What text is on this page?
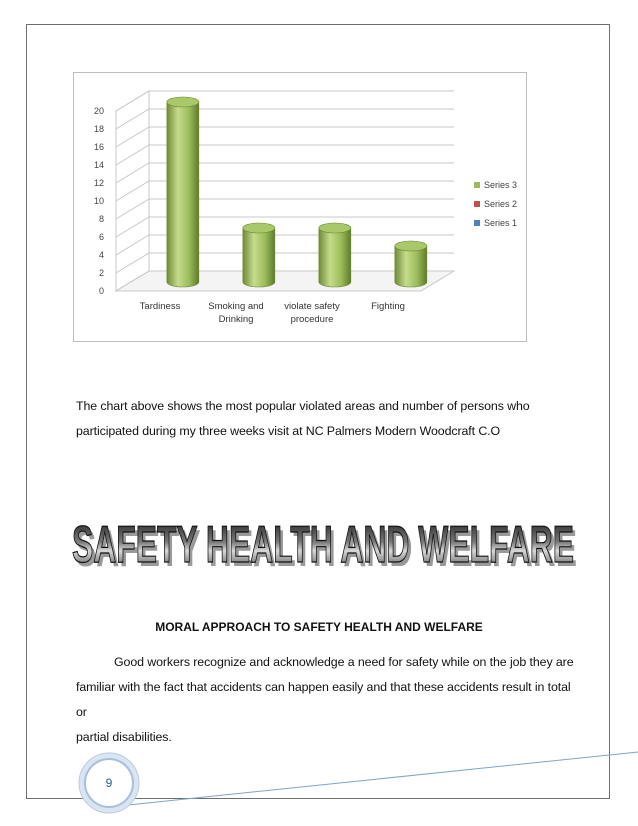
0
2
4
6
8
10
12
14
16
18
20
Tardiness	Smoking and
Drinking
violate safety
procedure
Fighting
Series 3
Series 2
Series 1
The chart above shows the most popular violated areas and number of persons who
participated during my three weeks visit at NC Palmers Modern Woodcraft C.O
SAFETY HEALTH AND WELFARE
SAFETY HEALTH AND WELFARE
MORAL APPROACH TO SAFETY HEALTH AND WELFARE
Good workers recognize and acknowledge a need for safety while on the job they are
familiar with the fact that accidents can happen easily and that these accidents result in total or
partial disabilities.
9
